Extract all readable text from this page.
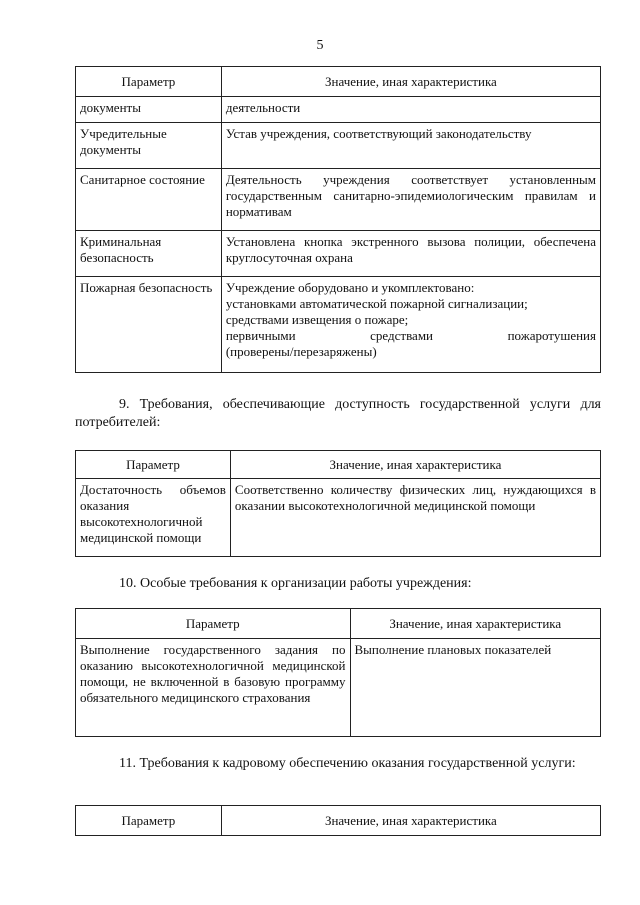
5
Параметр	Значение, иная характеристика
документы	деятельности
Учредительные документы	Устав учреждения, соответствующий законодательству
Санитарное состояние	Деятельность учреждения соответствует установленным государственным санитарно-эпидемиологическим правилам и нормативам
Криминальная безопасность	Установлена кнопка экстренного вызова полиции, обеспечена круглосуточная охрана
Пожарная безопасность	Учреждение оборудовано и укомплектовано:
установками автоматической пожарной сигнализации;
средствами извещения о пожаре;
первичными средствами пожаротушения
(проверены/перезаряжены)
9. Требования, обеспечивающие доступность государственной услуги для потребителей:
Параметр	Значение, иная характеристика
Достаточность объемов оказания высокотехнологичной медицинской помощи	Соответственно количеству физических лиц, нуждающихся в оказании высокотехнологичной медицинской помощи
10. Особые требования к организации работы учреждения:
Параметр	Значение, иная характеристика
Выполнение государственного задания по оказанию высокотехнологичной медицинской помощи, не включенной в базовую программу обязательного медицинского страхования	Выполнение плановых показателей
11. Требования к кадровому обеспечению оказания государственной услуги:
Параметр	Значение, иная характеристика
